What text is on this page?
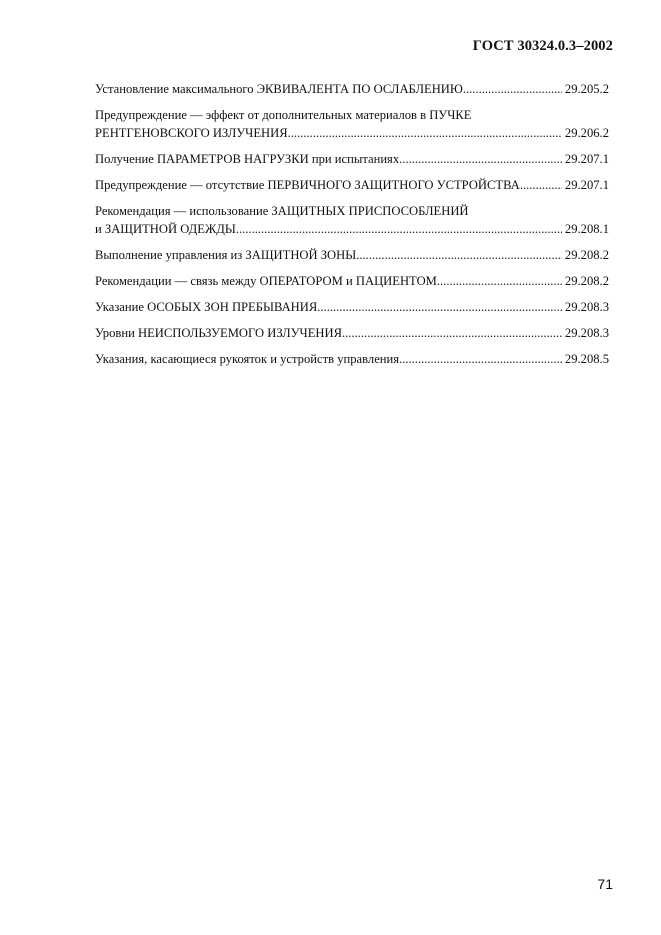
ГОСТ 30324.0.3–2002
Установление максимального ЭКВИВАЛЕНТА ПО ОСЛАБЛЕНИЮ .....	29.205.2
Предупреждение — эффект от дополнительных материалов в ПУЧКЕ
РЕНТГЕНОВСКОГО ИЗЛУЧЕНИЯ .....	29.206.2
Получение ПАРАМЕТРОВ НАГРУЗКИ при испытаниях .....	29.207.1
Предупреждение — отсутствие ПЕРВИЧНОГО ЗАЩИТНОГО УСТРОЙСТВА .....	29.207.1
Рекомендация — использование ЗАЩИТНЫХ ПРИСПОСОБЛЕНИЙ
и ЗАЩИТНОЙ ОДЕЖДЫ .....	29.208.1
Выполнение управления из ЗАЩИТНОЙ ЗОНЫ .....	29.208.2
Рекомендации — связь между ОПЕРАТОРОМ и ПАЦИЕНТОМ .....	29.208.2
Указание ОСОБЫХ ЗОН ПРЕБЫВАНИЯ .....	29.208.3
Уровни НЕИСПОЛЬЗУЕМОГО ИЗЛУЧЕНИЯ .....	29.208.3
Указания, касающиеся рукояток и устройств управления .....	29.208.5
71
